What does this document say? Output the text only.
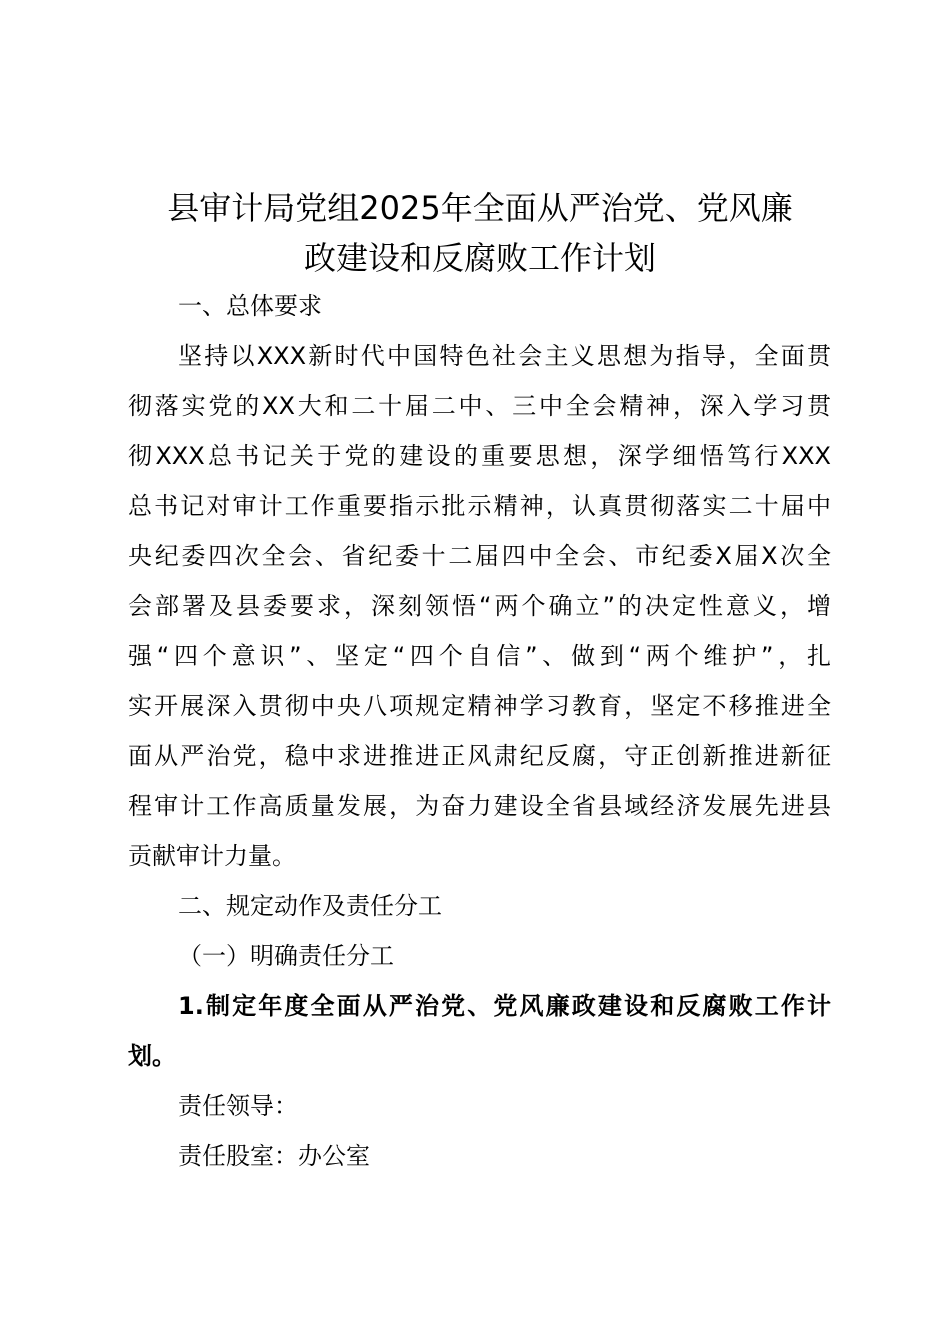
县审计局党组2025年全面从严治党、党风廉
政建设和反腐败工作计划

一、总体要求

坚持以XXX新时代中国特色社会主义思想为指导，全面贯

彻落实党的XX大和二十届二中、三中全会精神，深入学习贯

彻XXX总书记关于党的建设的重要思想，深学细悟笃行XXX

总书记对审计工作重要指示批示精神，认真贯彻落实二十届中

央纪委四次全会、省纪委十二届四中全会、市纪委X届X次全

会部署及县委要求，深刻领悟“两个确立”的决定性意义，增

强“四个意识”、坚定“四个自信”、做到“两个维护”，扎

实开展深入贯彻中央八项规定精神学习教育，坚定不移推进全

面从严治党，稳中求进推进正风肃纪反腐，守正创新推进新征

程审计工作高质量发展，为奋力建设全省县域经济发展先进县

贡献审计力量。

二、规定动作及责任分工

（一）明确责任分工

1.制定年度全面从严治党、党风廉政建设和反腐败工作计

划。

责任领导：

责任股室：办公室
